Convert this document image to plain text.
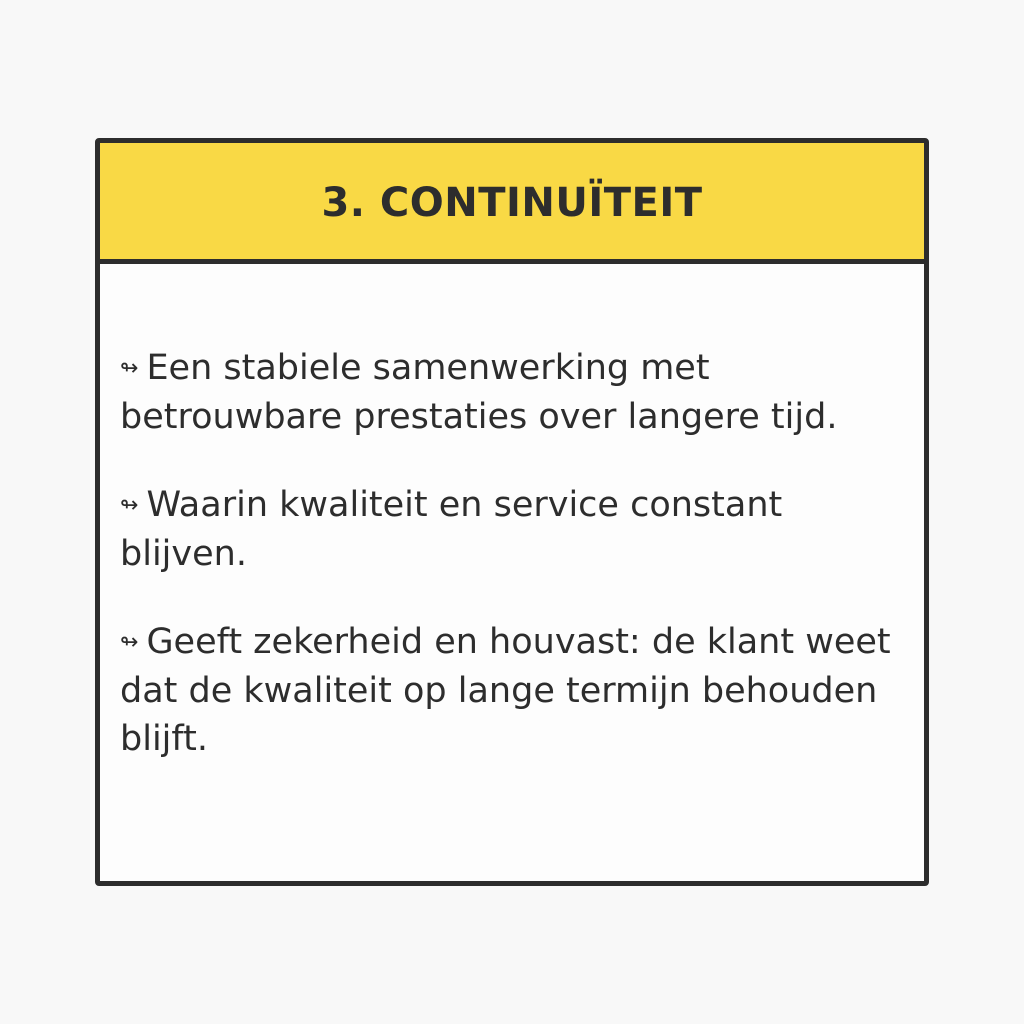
3. CONTINUÏTEIT

↬ Een stabiele samenwerking met betrouwbare prestaties over langere tijd.

↬ Waarin kwaliteit en service constant blijven.

↬ Geeft zekerheid en houvast: de klant weet dat de kwaliteit op lange termijn behouden blijft.
